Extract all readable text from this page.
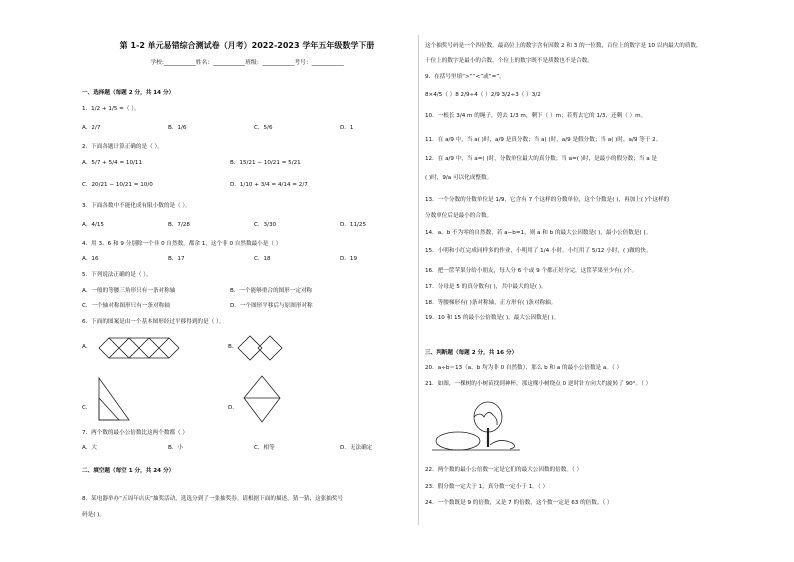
第 1-2 单元易错综合测试卷（月考）2022-2023 学年五年级数学下册
学校:___________姓名：___________班级：___________考号：___________
一、选择题（每题 2 分，共 14 分）
1．1/2 + 1/5 =（ ）。
A．2/7	B．1/6	C．5/6	D．1
2．下面各题计算正确的是（ ）。
A．5/7 + 5/4 = 10/11	B．15/21 − 10/21 = 5/21
C．20/21 − 10/21 = 10/0	D．1/10 + 3/4 = 4/14 = 2/7
3．下面各数中不能化成有限小数的是（ ）。
A．4/15	B．7/28	C．3/30	D．11/25
4．用 3、6 和 9 分别除一个非 0 自然数，都余 1，这个非 0 自然数最小是（ ）
A．16	B．17	C．18	D．19
5．下列说法正确的是（ ）。
A．一般的等腰三角形只有一条对称轴	B．一个能够重合的图形一定对称
C．一个轴对称图形只有一条对称轴	D．一个图形平移后与原图形对称
6．下面的图案是由一个基本图形经过平移得到的是（ ）。
A．	B．
C．	D．
7．两个数的最小公倍数比这两个数都（ ）
A．大	B．小	C．相等	D．无法确定
二、填空题（每空 1 分，共 24 分）
8．某电器举办“五周年店庆”抽奖活动，选选分到了一张抽奖券。请根据下面的描述，猜一猜，这张抽奖号
码是( )。
这个抽奖号码是一个四位数，最高位上的数字含有因数 2 和 3 的一位数，百位上的数字是 10 以内最大的质数，
十位上的数字是最小的合数，个位上的数字既不是质数也不是合数。
9．在括号里填“>”“<”或“=”。
8×4/5（ ）8 2/9÷4（ ）2/9 3/2÷3（ ）3/2
10．一根长 3/4 m 的绳子，剪去 1/3 m，剩下（ ）m；若剪去它的 1/3，还剩（ ）m。
11．在 a/9 中，当 a( )时，a/9 是真分数；当 a( )时，a/9 是假分数；当 a( )时，a/9 等于 2。
12．在 a/9 中，当 a=( )时，分数单位最大的真分数；当 a=( )时，是最小的假分数；当 a 是
( )时，9/a 可以化成整数。
13．一个分数的分数单位是 1/9，它含有 7 个这样的分数单位，这个分数是( )，再加上( )个这样的
分数单位后是最小的合数。
14．a、b 不为零的自然数，若 a−b=1，则 a 和 b 的最大公因数是( )，最小公倍数是( )。
15．小明和小红完成同样多的作业，小明用了 1/4 小时，小红用了 5/12 小时，( )做的快。
16．把一筐苹果分给小朋友，每人分 6 个或 9 个都正好分完，这筐苹果至少有( )个。
17．分母是 5 的真分数有( )，共中最大的是( )。
18．等腰梯形有( )条对称轴，正方形有( )条对称轴。
19．10 和 15 的最小公倍数是( )，最大公因数是( )。
三、判断题（每题 2 分，共 16 分）
20．a÷b＝13（a、b 均为非 0 自然数），那么 b 和 a 的最小公倍数是 a。（ ）
21．如图，一棵树的小树苗找到神杯，那这棵小树绕点 0 逆时针方向大约旋转了 90°。（ ）
22．两个数的最小公倍数一定是它们的最大公因数的倍数。（ ）
23．假分数一定大于 1，真分数一定小于 1。（ ）
24．一个数既是 9 的倍数，又是 7 的倍数，这个数一定是 63 的倍数。（ ）
